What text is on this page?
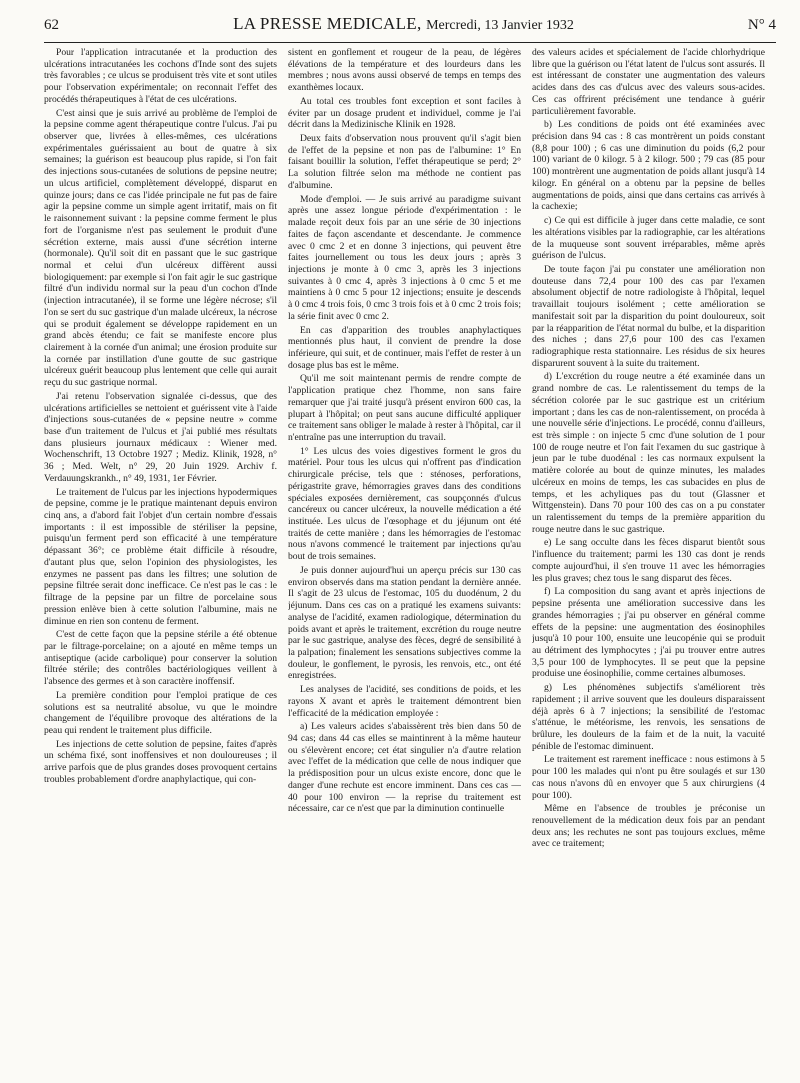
62	LA PRESSE MEDICALE, Mercredi, 13 Janvier 1932	N° 4

Pour l'application intracutanée et la production des ulcérations intracutanées les cochons d'Inde sont des sujets très favorables ; ce ulcus se produisent très vite et sont utiles pour l'observation expérimentale; on reconnait l'effet des procédés thérapeutiques à l'état de ces ulcérations.

C'est ainsi que je suis arrivé au problème de l'emploi de la pepsine comme agent thérapeutique contre l'ulcus. J'ai pu observer que, livrées à elles-mêmes, ces ulcérations expérimentales guérissaient au bout de quatre à six semaines; la guérison est beaucoup plus rapide, si l'on fait des injections sous-cutanées de solutions de pepsine neutre; un ulcus artificiel, complètement développé, disparut en quinze jours; dans ce cas l'idée principale ne fut pas de faire agir la pepsine comme un simple agent irritatif, mais on fit le raisonnement suivant : la pepsine comme ferment le plus fort de l'organisme n'est pas seulement le produit d'une sécrétion externe, mais aussi d'une sécrétion interne (hormonale). Qu'il soit dit en passant que le suc gastrique normal et celui d'un ulcéreux diffèrent aussi biologiquement: par exemple si l'on fait agir le suc gastrique filtré d'un individu normal sur la peau d'un cochon d'Inde (injection intracutanée), il se forme une légère nécrose; s'il l'on se sert du suc gastrique d'un malade ulcéreux, la nécrose qui se produit également se développe rapidement en un grand abcès étendu; ce fait se manifeste encore plus clairement à la cornée d'un animal; une érosion produite sur la cornée par instillation d'une goutte de suc gastrique ulcéreux guérit beaucoup plus lentement que celle qui aurait reçu du suc gastrique normal.

J'ai retenu l'observation signalée ci-dessus, que des ulcérations artificielles se nettoient et guérissent vite à l'aide d'injections sous-cutanées de « pepsine neutre » comme base d'un traitement de l'ulcus et j'ai publié mes résultats dans plusieurs journaux médicaux : Wiener med. Wochenschrift, 13 Octobre 1927 ; Mediz. Klinik, 1928, n° 36 ; Med. Welt, n° 29, 20 Juin 1929. Archiv f. Verdauungskrankh., n° 49, 1931, 1er Février.

Le traitement de l'ulcus par les injections hypodermiques de pepsine, comme je le pratique maintenant depuis environ cinq ans, a d'abord fait l'objet d'un certain nombre d'essais importants : il est impossible de stériliser la pepsine, puisqu'un ferment perd son efficacité à une température dépassant 36°; ce problème était difficile à résoudre, d'autant plus que, selon l'opinion des physiologistes, les enzymes ne passent pas dans les filtres; une solution de pepsine filtrée serait donc inefficace. Ce n'est pas le cas : le filtrage de la pepsine par un filtre de porcelaine sous pression enlève bien à cette solution l'albumine, mais ne diminue en rien son contenu de ferment.

C'est de cette façon que la pepsine stérile a été obtenue par le filtrage-porcelaine; on a ajouté en même temps un antiseptique (acide carbolique) pour conserver la solution filtrée stérile; des contrôles bactériologiques veillent à l'absence des germes et à son caractère inoffensif.

La première condition pour l'emploi pratique de ces solutions est sa neutralité absolue, vu que le moindre changement de l'équilibre provoque des altérations de la peau qui rendent le traitement plus difficile.

Les injections de cette solution de pepsine, faites d'après un schéma fixé, sont inoffensives et non douloureuses ; il arrive parfois que de plus grandes doses provoquent certains troubles probablement d'ordre anaphylactique, qui con-

sistent en gonflement et rougeur de la peau, de légères élévations de la température et des lourdeurs dans les membres ; nous avons aussi observé de temps en temps des exanthèmes locaux.

Au total ces troubles font exception et sont faciles à éviter par un dosage prudent et individuel, comme je l'ai décrit dans la Medizinische Klinik en 1928.

Deux faits d'observation nous prouvent qu'il s'agit bien de l'effet de la pepsine et non pas de l'albumine: 1° En faisant bouillir la solution, l'effet thérapeutique se perd; 2° La solution filtrée selon ma méthode ne contient pas d'albumine.

Mode d'emploi. — Je suis arrivé au paradigme suivant après une assez longue période d'expérimentation : le malade reçoit deux fois par an une série de 30 injections faites de façon ascendante et descendante. Je commence avec 0 cmc 2 et en donne 3 injections, qui peuvent être faites journellement ou tous les deux jours ; après 3 injections je monte à 0 cmc 3, après les 3 injections suivantes à 0 cmc 4, après 3 injections à 0 cmc 5 et me maintiens à 0 cmc 5 pour 12 injections; ensuite je descends à 0 cmc 4 trois fois, 0 cmc 3 trois fois et à 0 cmc 2 trois fois; la série finit avec 0 cmc 2.

En cas d'apparition des troubles anaphylactiques mentionnés plus haut, il convient de prendre la dose inférieure, qui suit, et de continuer, mais l'effet de rester à un dosage plus bas est le même.

Qu'il me soit maintenant permis de rendre compte de l'application pratique chez l'homme, non sans faire remarquer que j'ai traité jusqu'à présent environ 600 cas, la plupart à l'hôpital; on peut sans aucune difficulté appliquer ce traitement sans obliger le malade à rester à l'hôpital, car il n'entraîne pas une interruption du travail.

1° Les ulcus des voies digestives forment le gros du matériel. Pour tous les ulcus qui n'offrent pas d'indication chirurgicale précise, tels que : sténoses, perforations, périgastrite grave, hémorragies graves dans des conditions spéciales exposées dernièrement, cas soupçonnés d'ulcus cancéreux ou cancer ulcéreux, la nouvelle médication a été instituée. Les ulcus de l'œsophage et du jéjunum ont été traités de cette manière ; dans les hémorragies de l'estomac nous n'avons commencé le traitement par injections qu'au bout de trois semaines.

Je puis donner aujourd'hui un aperçu précis sur 130 cas environ observés dans ma station pendant la dernière année. Il s'agit de 23 ulcus de l'estomac, 105 du duodénum, 2 du jéjunum. Dans ces cas on a pratiqué les examens suivants: analyse de l'acidité, examen radiologique, détermination du poids avant et après le traitement, excrétion du rouge neutre par le suc gastrique, analyse des fèces, degré de sensibilité à la palpation; finalement les sensations subjectives comme la douleur, le gonflement, le pyrosis, les renvois, etc., ont été enregistrées.

Les analyses de l'acidité, ses conditions de poids, et les rayons X avant et après le traitement démontrent bien l'efficacité de la médication employée :

a) Les valeurs acides s'abaissèrent très bien dans 50 de 94 cas; dans 44 cas elles se maintinrent à la même hauteur ou s'élevèrent encore; cet état singulier n'a d'autre relation avec l'effet de la médication que celle de nous indiquer que la prédisposition pour un ulcus existe encore, donc que le danger d'une rechute est encore imminent. Dans ces cas — 40 pour 100 environ — la reprise du traitement est nécessaire, car ce n'est que par la diminution continuelle

des valeurs acides et spécialement de l'acide chlorhydrique libre que la guérison ou l'état latent de l'ulcus sont assurés. Il est intéressant de constater une augmentation des valeurs acides dans des cas d'ulcus avec des valeurs sous-acides. Ces cas offrirent précisément une tendance à guérir particulièrement favorable.

b) Les conditions de poids ont été examinées avec précision dans 94 cas : 8 cas montrèrent un poids constant (8,8 pour 100) ; 6 cas une diminution du poids (6,2 pour 100) variant de 0 kilogr. 5 à 2 kilogr. 500 ; 79 cas (85 pour 100) montrèrent une augmentation de poids allant jusqu'à 14 kilogr. En général on a obtenu par la pepsine de belles augmentations de poids, ainsi que dans certains cas arrivés à la cachexie;

c) Ce qui est difficile à juger dans cette maladie, ce sont les altérations visibles par la radiographie, car les altérations de la muqueuse sont souvent irréparables, même après guérison de l'ulcus.

De toute façon j'ai pu constater une amélioration non douteuse dans 72,4 pour 100 des cas par l'examen absolument objectif de notre radiologiste à l'hôpital, lequel travaillait toujours isolément ; cette amélioration se manifestait soit par la disparition du point douloureux, soit par la réapparition de l'état normal du bulbe, et la disparition des niches ; dans 27,6 pour 100 des cas l'examen radiographique resta stationnaire. Les résidus de six heures disparurent souvent à la suite du traitement.

d) L'excrétion du rouge neutre a été examinée dans un grand nombre de cas. Le ralentissement du temps de la sécrétion colorée par le suc gastrique est un critérium important ; dans les cas de non-ralentissement, on procéda à une nouvelle série d'injections. Le procédé, connu d'ailleurs, est très simple : on injecte 5 cmc d'une solution de 1 pour 100 de rouge neutre et l'on fait l'examen du suc gastrique à jeun par le tube duodénal : les cas normaux expulsent la matière colorée au bout de quinze minutes, les malades ulcéreux en moins de temps, les cas subacides en plus de temps, et les achyliques pas du tout (Glassner et Wittgenstein). Dans 70 pour 100 des cas on a pu constater un ralentissement du temps de la première apparition du rouge neutre dans le suc gastrique.

e) Le sang occulte dans les fèces disparut bientôt sous l'influence du traitement; parmi les 130 cas dont je rends compte aujourd'hui, il s'en trouve 11 avec les hémorragies les plus graves; chez tous le sang disparut des fèces.

f) La composition du sang avant et après injections de pepsine présenta une amélioration successive dans les grandes hémorragies ; j'ai pu observer en général comme effets de la pepsine: une augmentation des éosinophiles jusqu'à 10 pour 100, ensuite une leucopénie qui se produit au détriment des lymphocytes ; j'ai pu trouver entre autres 3,5 pour 100 de lymphocytes. Il se peut que la pepsine produise une éosinophilie, comme certaines albumoses.

g) Les phénomènes subjectifs s'améliorent très rapidement ; il arrive souvent que les douleurs disparaissent déjà après 6 à 7 injections; la sensibilité de l'estomac s'atténue, le météorisme, les renvois, les sensations de brûlure, les douleurs de la faim et de la nuit, la vacuité pénible de l'estomac diminuent.

Le traitement est rarement inefficace : nous estimons à 5 pour 100 les malades qui n'ont pu être soulagés et sur 130 cas nous n'avons dû en envoyer que 5 aux chirurgiens (4 pour 100).

Même en l'absence de troubles je préconise un renouvellement de la médication deux fois par an pendant deux ans; les rechutes ne sont pas toujours exclues, même avec ce traitement;
